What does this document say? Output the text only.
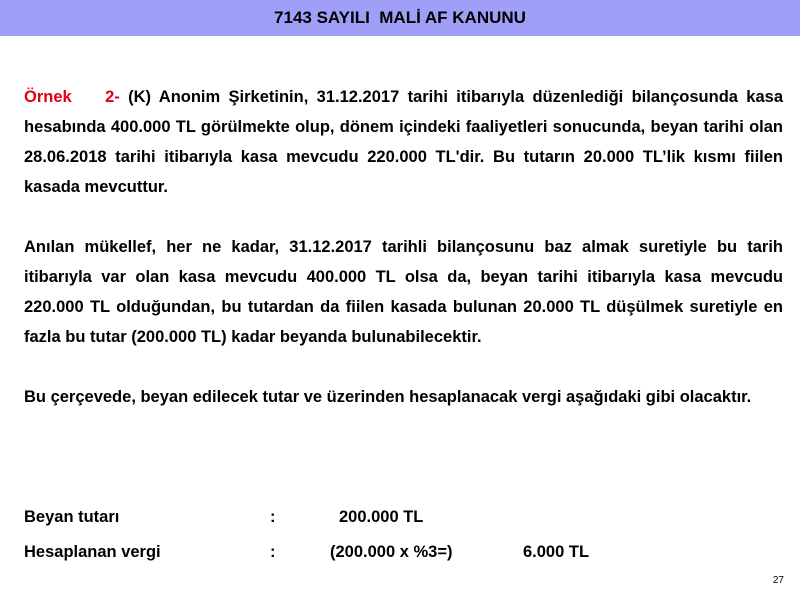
7143 SAYILI  MALİ AF KANUNU

Örnek 2- (K) Anonim Şirketinin, 31.12.2017 tarihi itibarıyla düzenlediği bilançosunda kasa hesabında 400.000 TL görülmekte olup, dönem içindeki faaliyetleri sonucunda, beyan tarihi olan 28.06.2018 tarihi itibarıyla kasa mevcudu 220.000 TL'dir. Bu tutarın 20.000 TL’lik kısmı fiilen kasada mevcuttur.

Anılan mükellef, her ne kadar, 31.12.2017 tarihli bilançosunu baz almak suretiyle bu tarih itibarıyla var olan kasa mevcudu 400.000 TL olsa da, beyan tarihi itibarıyla kasa mevcudu 220.000 TL olduğundan, bu tutardan da fiilen kasada bulunan 20.000 TL düşülmek suretiyle en fazla bu tutar (200.000 TL) kadar beyanda bulunabilecektir.

Bu çerçevede, beyan edilecek tutar ve üzerinden hesaplanacak vergi aşağıdaki gibi olacaktır.

Beyan tutarı	:	200.000 TL
Hesaplanan vergi	:	(200.000 x %3=)	6.000 TL
27
